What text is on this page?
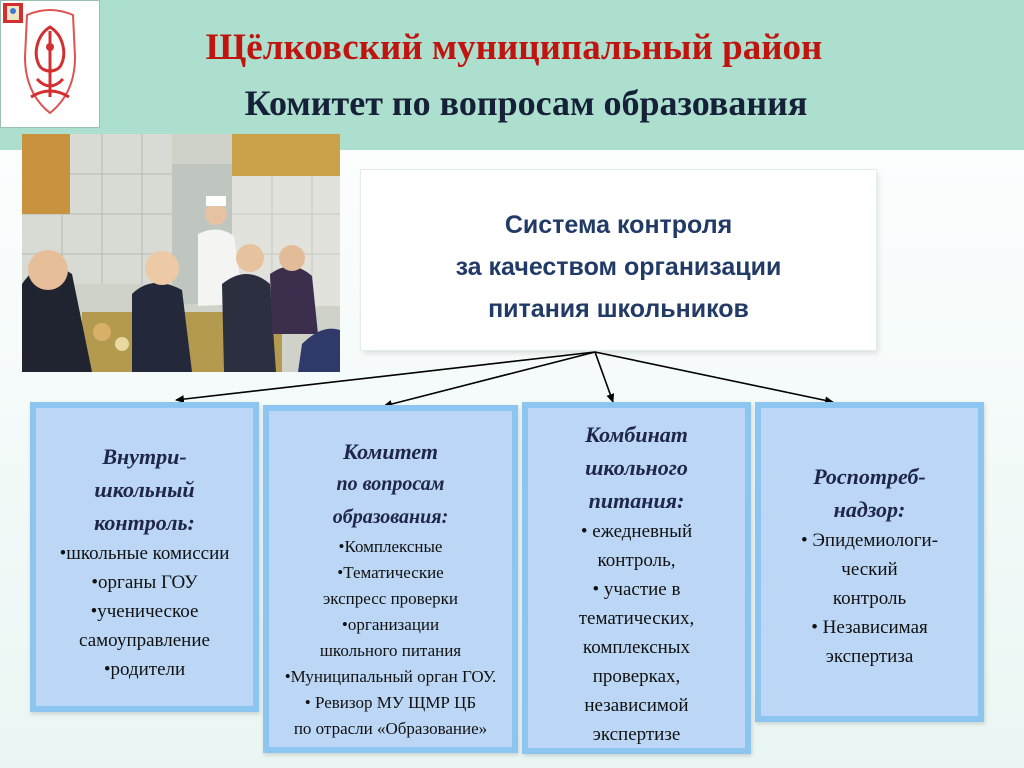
Щёлковский муниципальный район
Комитет по вопросам образования
Система контроля
за качеством организации
питания школьников
Внутри-
школьный
контроль:
•школьные комиссии
•органы ГОУ
•ученическое
самоуправление
•родители
Комитет
по вопросам
образования:
•Комплексные
•Тематические
экспресс проверки
•организации
школьного питания
•Муниципальный орган ГОУ.
• Ревизор МУ ЩМР ЦБ
по отрасли «Образование»
Комбинат
школьного
питания:
• ежедневный
контроль,
• участие в
тематических,
комплексных
проверках,
независимой
экспертизе
Роспотреб-
надзор:
• Эпидемиологи-
ческий
контроль
• Независимая
экспертиза
